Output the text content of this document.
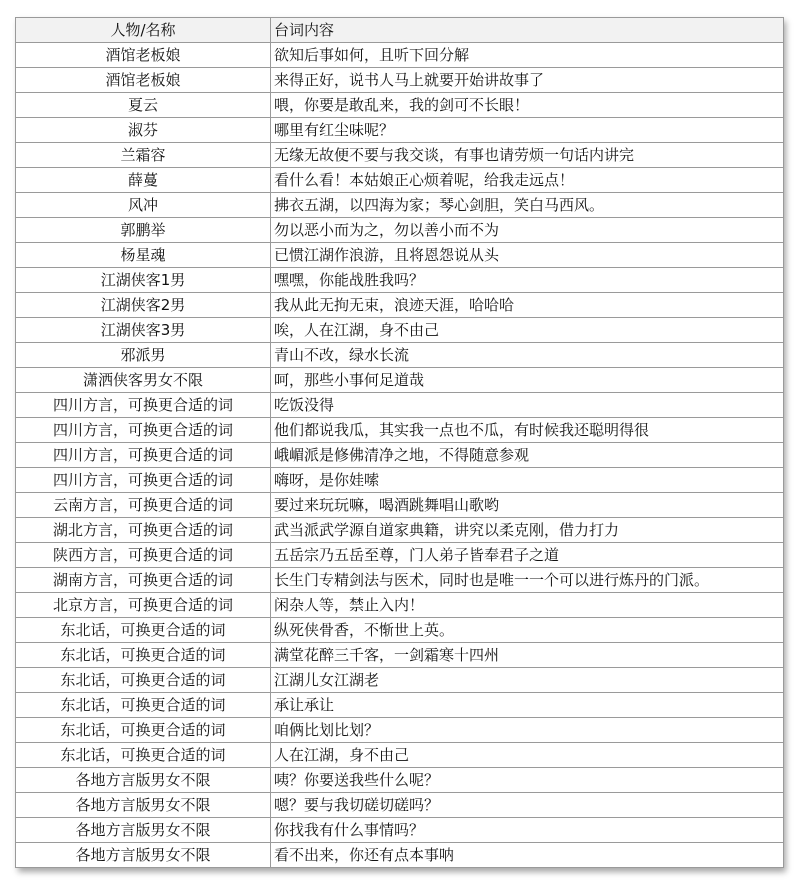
人物/名称	台词内容
酒馆老板娘	欲知后事如何，且听下回分解
酒馆老板娘	来得正好，说书人马上就要开始讲故事了
夏云	喂，你要是敢乱来，我的剑可不长眼！
淑芬	哪里有红尘味呢？
兰霜容	无缘无故便不要与我交谈，有事也请劳烦一句话内讲完
薛蔓	看什么看！本姑娘正心烦着呢，给我走远点！
风冲	拂衣五湖，以四海为家；琴心剑胆，笑白马西风。
郭鹏举	勿以恶小而为之，勿以善小而不为
杨星魂	已惯江湖作浪游，且将恩怨说从头
江湖侠客1男	嘿嘿，你能战胜我吗？
江湖侠客2男	我从此无拘无束，浪迹天涯，哈哈哈
江湖侠客3男	唉，人在江湖，身不由己
邪派男	青山不改，绿水长流
潇洒侠客男女不限	呵，那些小事何足道哉
四川方言，可换更合适的词	吃饭没得
四川方言，可换更合适的词	他们都说我瓜，其实我一点也不瓜，有时候我还聪明得很
四川方言，可换更合适的词	峨嵋派是修佛清净之地，不得随意参观
四川方言，可换更合适的词	嗨呀，是你娃嗦
云南方言，可换更合适的词	要过来玩玩嘛，喝酒跳舞唱山歌哟
湖北方言，可换更合适的词	武当派武学源自道家典籍，讲究以柔克刚，借力打力
陕西方言，可换更合适的词	五岳宗乃五岳至尊，门人弟子皆奉君子之道
湖南方言，可换更合适的词	长生门专精剑法与医术，同时也是唯一一个可以进行炼丹的门派。
北京方言，可换更合适的词	闲杂人等，禁止入内！
东北话，可换更合适的词	纵死侠骨香，不惭世上英。
东北话，可换更合适的词	满堂花醉三千客，一剑霜寒十四州
东北话，可换更合适的词	江湖儿女江湖老
东北话，可换更合适的词	承让承让
东北话，可换更合适的词	咱俩比划比划？
东北话，可换更合适的词	人在江湖，身不由己
各地方言版男女不限	咦？你要送我些什么呢？
各地方言版男女不限	嗯？要与我切磋切磋吗？
各地方言版男女不限	你找我有什么事情吗？
各地方言版男女不限	看不出来，你还有点本事呐
